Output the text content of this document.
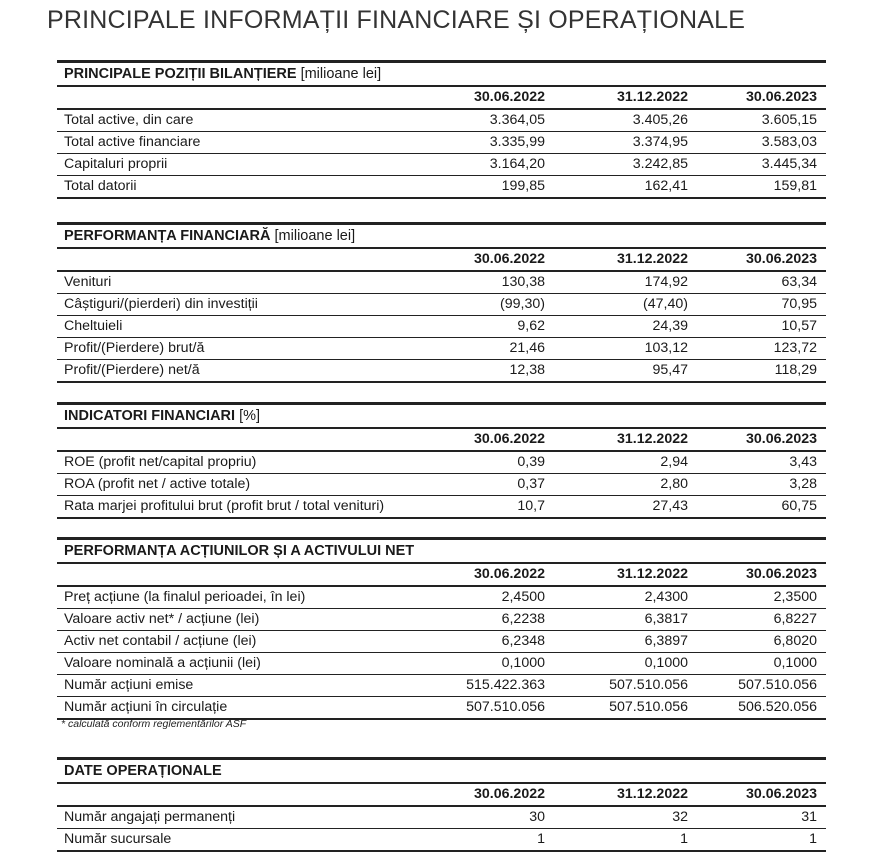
PRINCIPALE INFORMAȚII FINANCIARE ȘI OPERAȚIONALE
PRINCIPALE POZIȚII BILANȚIERE [milioane lei]
30.06.2022	31.12.2022	30.06.2023
Total active, din care	3.364,05	3.405,26	3.605,15
Total active financiare	3.335,99	3.374,95	3.583,03
Capitaluri proprii	3.164,20	3.242,85	3.445,34
Total datorii	199,85	162,41	159,81
PERFORMANȚA FINANCIARĂ [milioane lei]
30.06.2022	31.12.2022	30.06.2023
Venituri	130,38	174,92	63,34
Câștiguri/(pierderi) din investiții	(99,30)	(47,40)	70,95
Cheltuieli	9,62	24,39	10,57
Profit/(Pierdere) brut/ă	21,46	103,12	123,72
Profit/(Pierdere) net/ă	12,38	95,47	118,29
INDICATORI FINANCIARI [%]
30.06.2022	31.12.2022	30.06.2023
ROE (profit net/capital propriu)	0,39	2,94	3,43
ROA (profit net / active totale)	0,37	2,80	3,28
Rata marjei profitului brut (profit brut / total venituri)	10,7	27,43	60,75
PERFORMANȚA ACȚIUNILOR ȘI A ACTIVULUI NET
30.06.2022	31.12.2022	30.06.2023
Preț acțiune (la finalul perioadei, în lei)	2,4500	2,4300	2,3500
Valoare activ net* / acțiune (lei)	6,2238	6,3817	6,8227
Activ net contabil / acțiune (lei)	6,2348	6,3897	6,8020
Valoare nominală a acțiunii (lei)	0,1000	0,1000	0,1000
Număr acțiuni emise	515.422.363	507.510.056	507.510.056
Număr acțiuni în circulație	507.510.056	507.510.056	506.520.056
DATE OPERAȚIONALE
30.06.2022	31.12.2022	30.06.2023
Număr angajați permanenți	30	32	31
Număr sucursale	1	1	1
* calculată conform reglementărilor ASF
